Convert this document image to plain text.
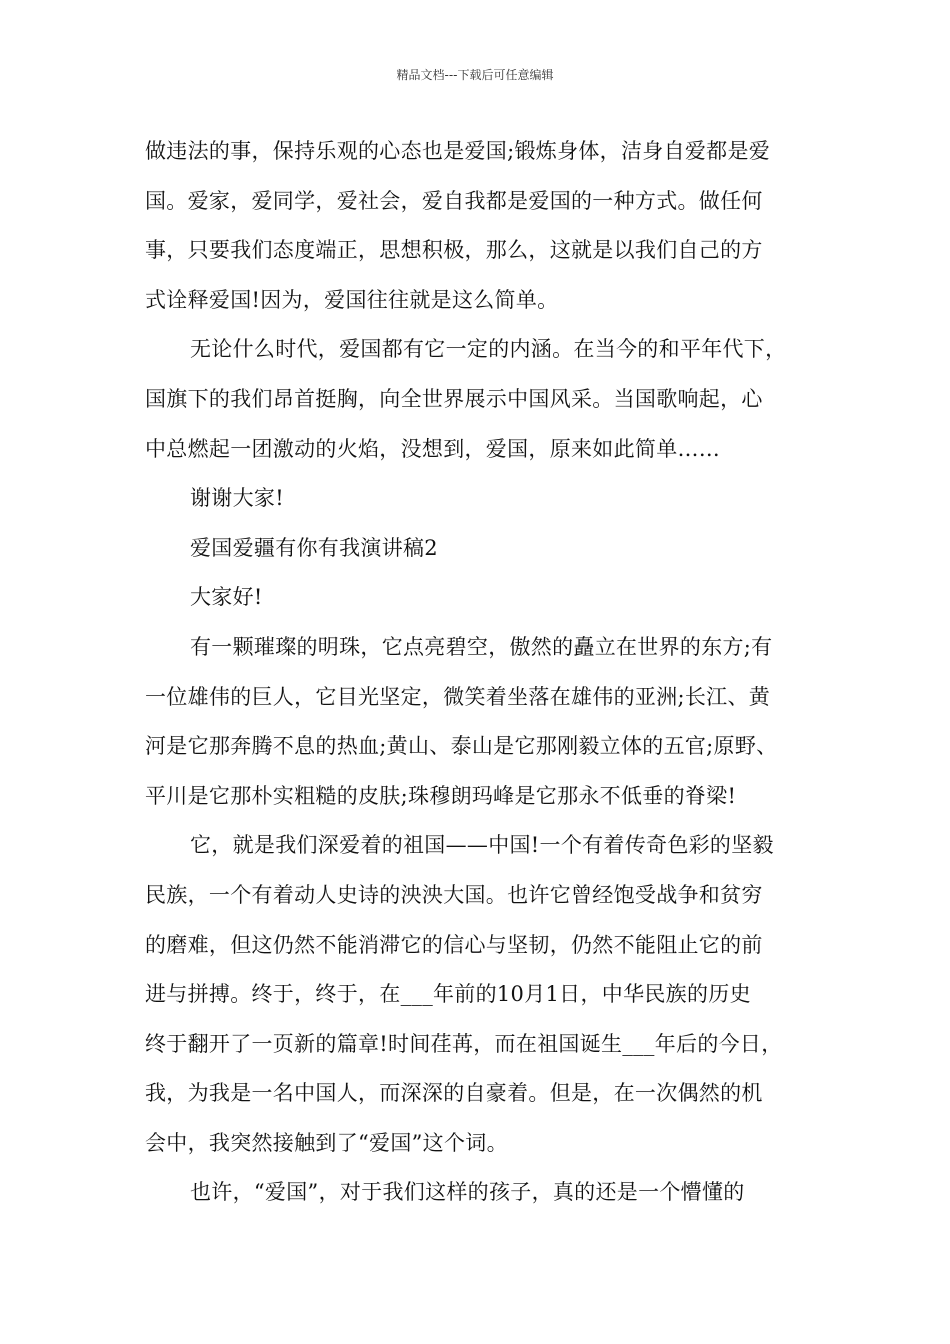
精品文档---下载后可任意编辑
做违法的事，保持乐观的心态也是爱国;锻炼身体，洁身自爱都是爱
国。爱家，爱同学，爱社会，爱自我都是爱国的一种方式。做任何
事，只要我们态度端正，思想积极，那么，这就是以我们自己的方
式诠释爱国!因为，爱国往往就是这么简单。
无论什么时代，爱国都有它一定的内涵。在当今的和平年代下，
国旗下的我们昂首挺胸，向全世界展示中国风采。当国歌响起，心
中总燃起一团激动的火焰，没想到，爱国，原来如此简单……
谢谢大家!
爱国爱疆有你有我演讲稿2
大家好!
有一颗璀璨的明珠，它点亮碧空，傲然的矗立在世界的东方;有
一位雄伟的巨人，它目光坚定，微笑着坐落在雄伟的亚洲;长江、黄
河是它那奔腾不息的热血;黄山、泰山是它那刚毅立体的五官;原野、
平川是它那朴实粗糙的皮肤;珠穆朗玛峰是它那永不低垂的脊梁!
它，就是我们深爱着的祖国——中国!一个有着传奇色彩的坚毅
民族，一个有着动人史诗的泱泱大国。也许它曾经饱受战争和贫穷
的磨难，但这仍然不能消滞它的信心与坚韧，仍然不能阻止它的前
进与拼搏。终于，终于，在___年前的10月1日，中华民族的历史
终于翻开了一页新的篇章!时间荏苒，而在祖国诞生___年后的今日，
我，为我是一名中国人，而深深的自豪着。但是，在一次偶然的机
会中，我突然接触到了“爱国”这个词。
也许，“爱国”，对于我们这样的孩子，真的还是一个懵懂的
